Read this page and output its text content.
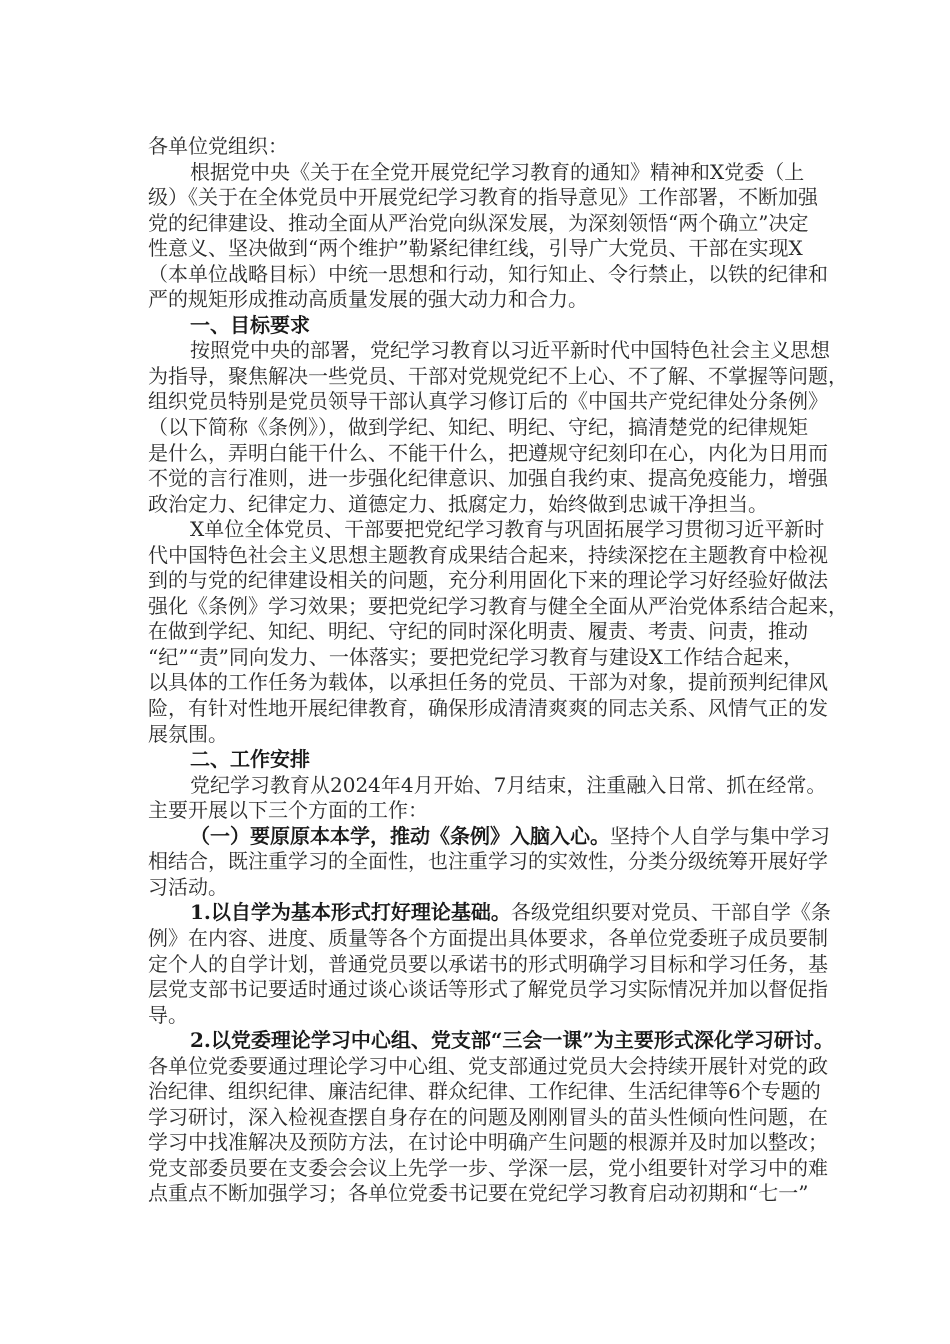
各单位党组织：
根据党中央《关于在全党开展党纪学习教育的通知》精神和X党委（上
级）《关于在全体党员中开展党纪学习教育的指导意见》工作部署，不断加强
党的纪律建设、推动全面从严治党向纵深发展，为深刻领悟“两个确立”决定
性意义、坚决做到“两个维护”勒紧纪律红线，引导广大党员、干部在实现X
（本单位战略目标）中统一思想和行动，知行知止、令行禁止，以铁的纪律和
严的规矩形成推动高质量发展的强大动力和合力。
一、目标要求
按照党中央的部署，党纪学习教育以习近平新时代中国特色社会主义思想
为指导，聚焦解决一些党员、干部对党规党纪不上心、不了解、不掌握等问题，
组织党员特别是党员领导干部认真学习修订后的《中国共产党纪律处分条例》
（以下简称《条例》），做到学纪、知纪、明纪、守纪，搞清楚党的纪律规矩
是什么，弄明白能干什么、不能干什么，把遵规守纪刻印在心，内化为日用而
不觉的言行准则，进一步强化纪律意识、加强自我约束、提高免疫能力，增强
政治定力、纪律定力、道德定力、抵腐定力，始终做到忠诚干净担当。
X单位全体党员、干部要把党纪学习教育与巩固拓展学习贯彻习近平新时
代中国特色社会主义思想主题教育成果结合起来，持续深挖在主题教育中检视
到的与党的纪律建设相关的问题，充分利用固化下来的理论学习好经验好做法
强化《条例》学习效果；要把党纪学习教育与健全全面从严治党体系结合起来，
在做到学纪、知纪、明纪、守纪的同时深化明责、履责、考责、问责，推动
“纪”“责”同向发力、一体落实；要把党纪学习教育与建设X工作结合起来，
以具体的工作任务为载体，以承担任务的党员、干部为对象，提前预判纪律风
险，有针对性地开展纪律教育，确保形成清清爽爽的同志关系、风情气正的发
展氛围。
二、工作安排
党纪学习教育从2024年4月开始、7月结束，注重融入日常、抓在经常。
主要开展以下三个方面的工作：
（一）要原原本本学，推动《条例》入脑入心。坚持个人自学与集中学习
相结合，既注重学习的全面性，也注重学习的实效性，分类分级统筹开展好学
习活动。
1.以自学为基本形式打好理论基础。各级党组织要对党员、干部自学《条
例》在内容、进度、质量等各个方面提出具体要求，各单位党委班子成员要制
定个人的自学计划，普通党员要以承诺书的形式明确学习目标和学习任务，基
层党支部书记要适时通过谈心谈话等形式了解党员学习实际情况并加以督促指
导。
2.以党委理论学习中心组、党支部“三会一课”为主要形式深化学习研讨。
各单位党委要通过理论学习中心组、党支部通过党员大会持续开展针对党的政
治纪律、组织纪律、廉洁纪律、群众纪律、工作纪律、生活纪律等6个专题的
学习研讨，深入检视查摆自身存在的问题及刚刚冒头的苗头性倾向性问题，在
学习中找准解决及预防方法，在讨论中明确产生问题的根源并及时加以整改；
党支部委员要在支委会会议上先学一步、学深一层，党小组要针对学习中的难
点重点不断加强学习；各单位党委书记要在党纪学习教育启动初期和“七一”
